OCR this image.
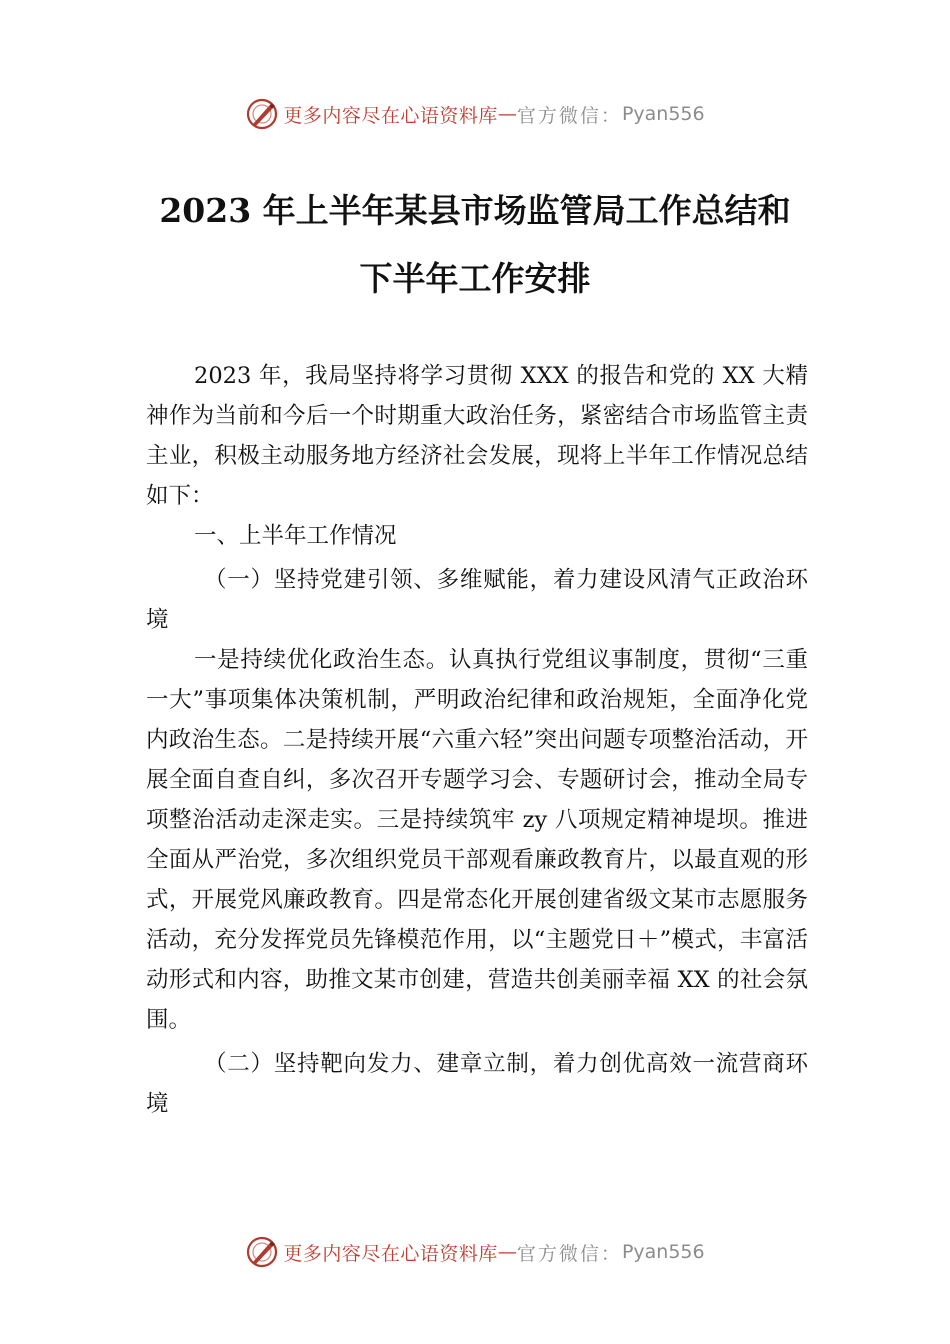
更多内容尽在心语资料库 — 官方微信： Pyan556
2023 年上半年某县市场监管局工作总结和
下半年工作安排

2023 年，我局坚持将学习贯彻 XXX 的报告和党的 XX 大精神作为当前和今后一个时期重大政治任务，紧密结合市场监管主责主业，积极主动服务地方经济社会发展，现将上半年工作情况总结如下：

一、上半年工作情况

（一）坚持党建引领、多维赋能，着力建设风清气正政治环境

一是持续优化政治生态。认真执行党组议事制度，贯彻“三重一大”事项集体决策机制，严明政治纪律和政治规矩，全面净化党内政治生态。二是持续开展“六重六轻”突出问题专项整治活动，开展全面自查自纠，多次召开专题学习会、专题研讨会，推动全局专项整治活动走深走实。三是持续筑牢 zy 八项规定精神堤坝。推进全面从严治党，多次组织党员干部观看廉政教育片，以最直观的形式，开展党风廉政教育。四是常态化开展创建省级文某市志愿服务活动，充分发挥党员先锋模范作用，以“主题党日＋”模式，丰富活动形式和内容，助推文某市创建，营造共创美丽幸福 XX 的社会氛围。

（二）坚持靶向发力、建章立制，着力创优高效一流营商环境

更多内容尽在心语资料库 — 官方微信： Pyan556
